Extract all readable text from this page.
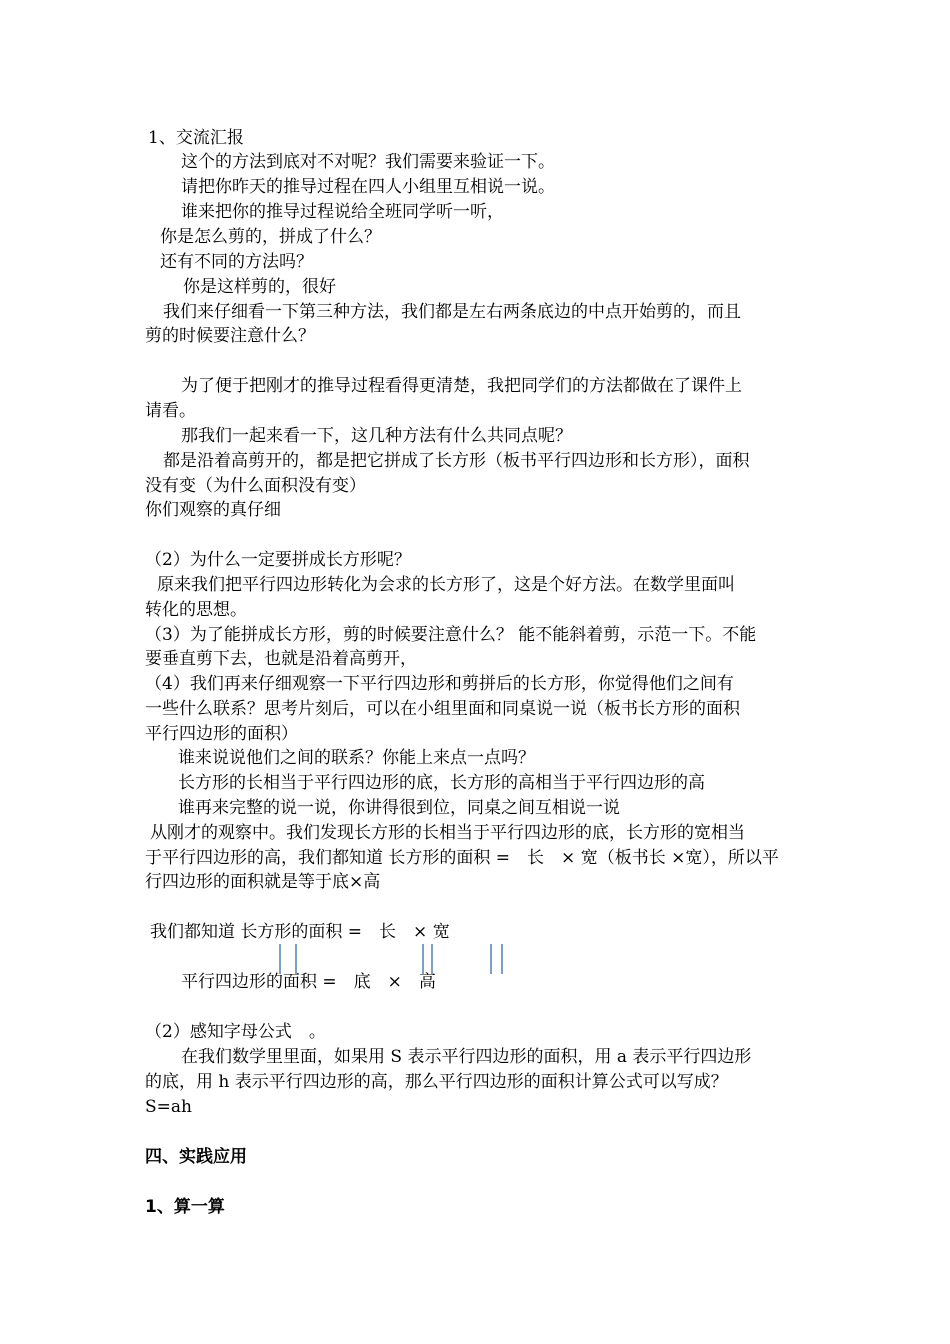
1、交流汇报
这个的方法到底对不对呢？我们需要来验证一下。
请把你昨天的推导过程在四人小组里互相说一说。
谁来把你的推导过程说给全班同学听一听，
你是怎么剪的，拼成了什么？
还有不同的方法吗？
你是这样剪的，很好
我们来仔细看一下第三种方法，我们都是左右两条底边的中点开始剪的，而且
剪的时候要注意什么？
为了便于把刚才的推导过程看得更清楚，我把同学们的方法都做在了课件上
请看。
那我们一起来看一下，这几种方法有什么共同点呢？
都是沿着高剪开的，都是把它拼成了长方形（板书平行四边形和长方形），面积
没有变（为什么面积没有变）
你们观察的真仔细
（2）为什么一定要拼成长方形呢？
原来我们把平行四边形转化为会求的长方形了，这是个好方法。在数学里面叫
转化的思想。
（3）为了能拼成长方形，剪的时候要注意什么？ 能不能斜着剪，示范一下。不能
要垂直剪下去，也就是沿着高剪开，
（4）我们再来仔细观察一下平行四边形和剪拼后的长方形，你觉得他们之间有
一些什么联系？思考片刻后，可以在小组里面和同桌说一说（板书长方形的面积
平行四边形的面积）
谁来说说他们之间的联系？你能上来点一点吗？
长方形的长相当于平行四边形的底，长方形的高相当于平行四边形的高
谁再来完整的说一说，你讲得很到位，同桌之间互相说一说
从刚才的观察中。我们发现长方形的长相当于平行四边形的底，长方形的宽相当
于平行四边形的高，我们都知道 长方形的面积 =　长　× 宽（板书长 ×宽），所以平
行四边形的面积就是等于底×高
我们都知道 长方形的面积 =　长　× 宽
平行四边形的面积 =　底　×　高
（2）感知字母公式　。
在我们数学里里面，如果用 S 表示平行四边形的面积，用 a 表示平行四边形
的底，用 h 表示平行四边形的高，那么平行四边形的面积计算公式可以写成？
S=ah
四、实践应用
1、算一算
